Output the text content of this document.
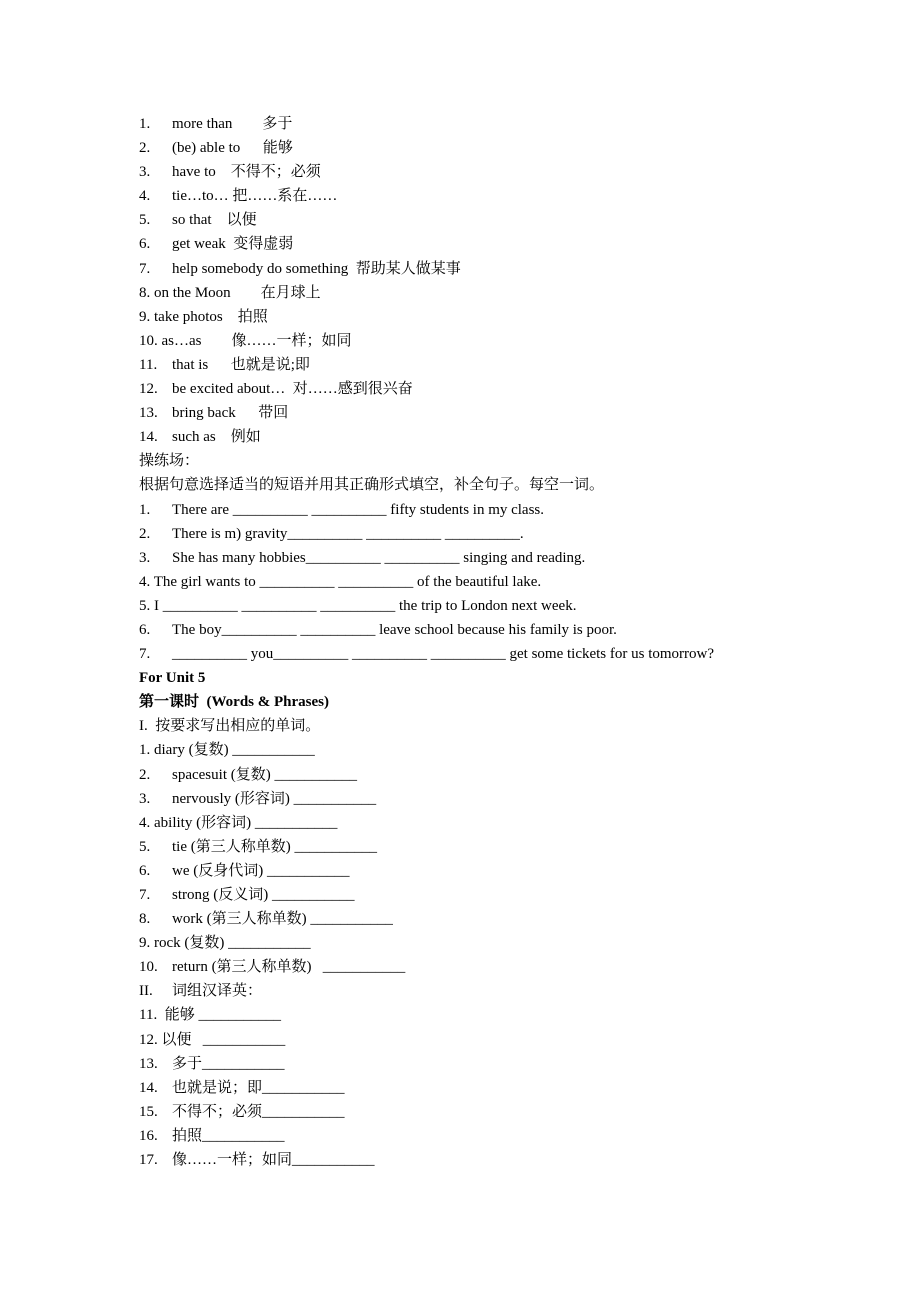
1. more than 多于
2. (be) able to 能够
3. have to 不得不；必须
4. tie…to… 把……系在……
5. so that 以便
6. get weak 变得虚弱
7. help somebody do something 帮助某人做某事
8. on the Moon 在月球上
9. take photos 拍照
10. as…as 像……一样；如同
11. that is 也就是说;即
12. be excited about… 对……感到很兴奋
13. bring back 带回
14. such as 例如
操练场：
根据句意选择适当的短语并用其正确形式填空，补全句子。每空一词。
1. There are __________ __________ fifty students in my class.
2. There is m) gravity__________ __________ __________.
3. She has many hobbies__________ __________ singing and reading.
4. The girl wants to __________ __________ of the beautiful lake.
5. I __________ __________ __________ the trip to London next week.
6. The boy__________ __________ leave school because his family is poor.
7. __________ you__________ __________ __________ get some tickets for us tomorrow?
For Unit 5
第一课时  (Words & Phrases)
I.  按要求写出相应的单词。
1. diary (复数) ___________
2. spacesuit (复数) ___________
3. nervously (形容词) ___________
4. ability (形容词) ___________
5. tie (第三人称单数) ___________
6. we (反身代词) ___________
7. strong (反义词) ___________
8. work (第三人称单数) ___________
9. rock (复数) ___________
10. return (第三人称单数)   ___________
II. 词组汉译英：
11.  能够 ___________
12. 以便   ___________
13. 多于___________
14. 也就是说；即___________
15. 不得不；必须___________
16. 拍照___________
17. 像……一样；如同___________
